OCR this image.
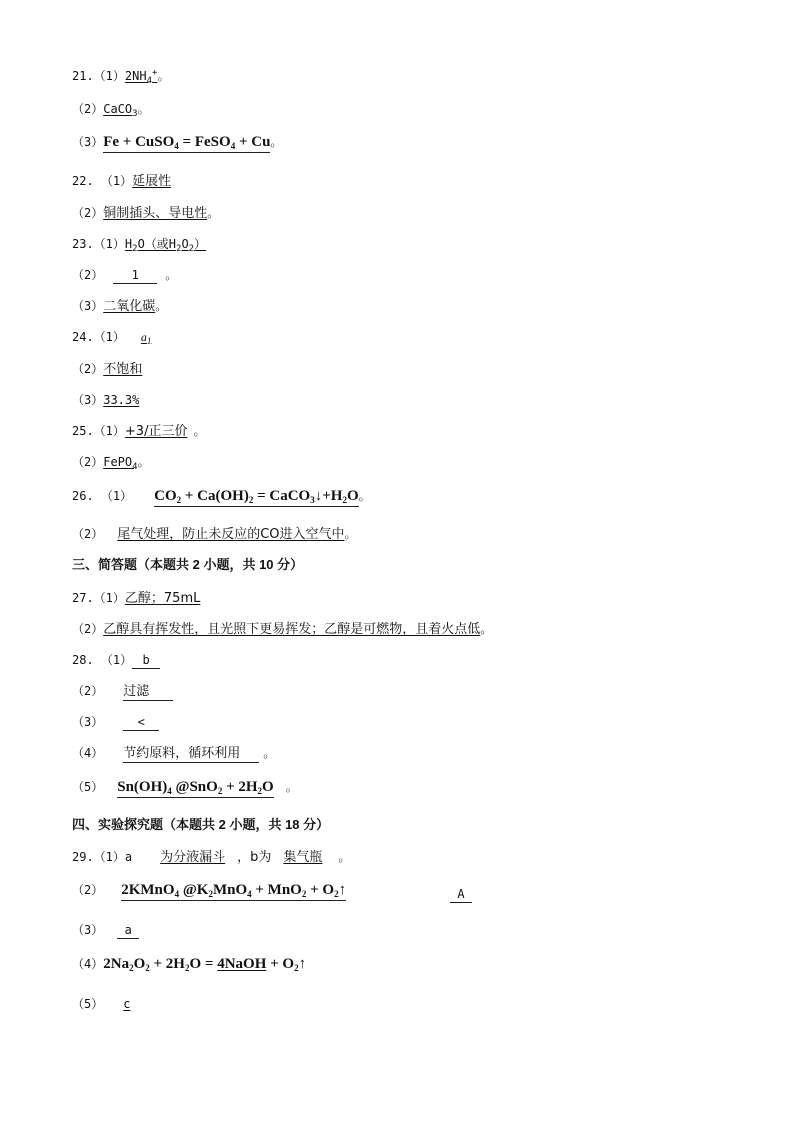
$21.(1)2NH_4^+$。
（2）CaCO$_3$。
（3）Fe + CuSO$_4$ = FeSO$_4$ + Cu。
22. （1）延展性
（2）铜制插头、导电性。
$23.(1)H_2O$（或$H_2O_2$）
（2） 1 。
（3）二氧化碳。
24.（1） $a_1$
（2）不饱和
（3）33.3%
25.（1）+3/正三价 。
（2）FePO$_4$。
26. （1） $CO_2 + Ca(OH)_2$ = $CaCO_3↓+H_2O$。
（2） 尾气处理，防止未反应的CO进入空气中。
三、简答题（本题共 2 小题，共 10 分）
27.（1）乙醇；75mL
（2）乙醇具有挥发性，且光照下更易挥发；乙醇是可燃物，且着火点低。
28. （1） b
（2） 过滤
（3）	<
（4） 节约原料，循环利用 。
（5） $Sn(OH)_4$ @SnO$_2$ + $2H_2O$ 。
四、实验探究题（本题共 2 小题，共 18 分）
29.（1）a 为分液漏斗 ，b为 集气瓶 。
（2） 2KMnO$_4$ $@K_2MnO_4 + MnO_2$ + $O_2↑$	A
（3） a
$(4)2Na_2O_2 + 2H_2O$ = 4NaOH + $O_2↑$
（5） c
